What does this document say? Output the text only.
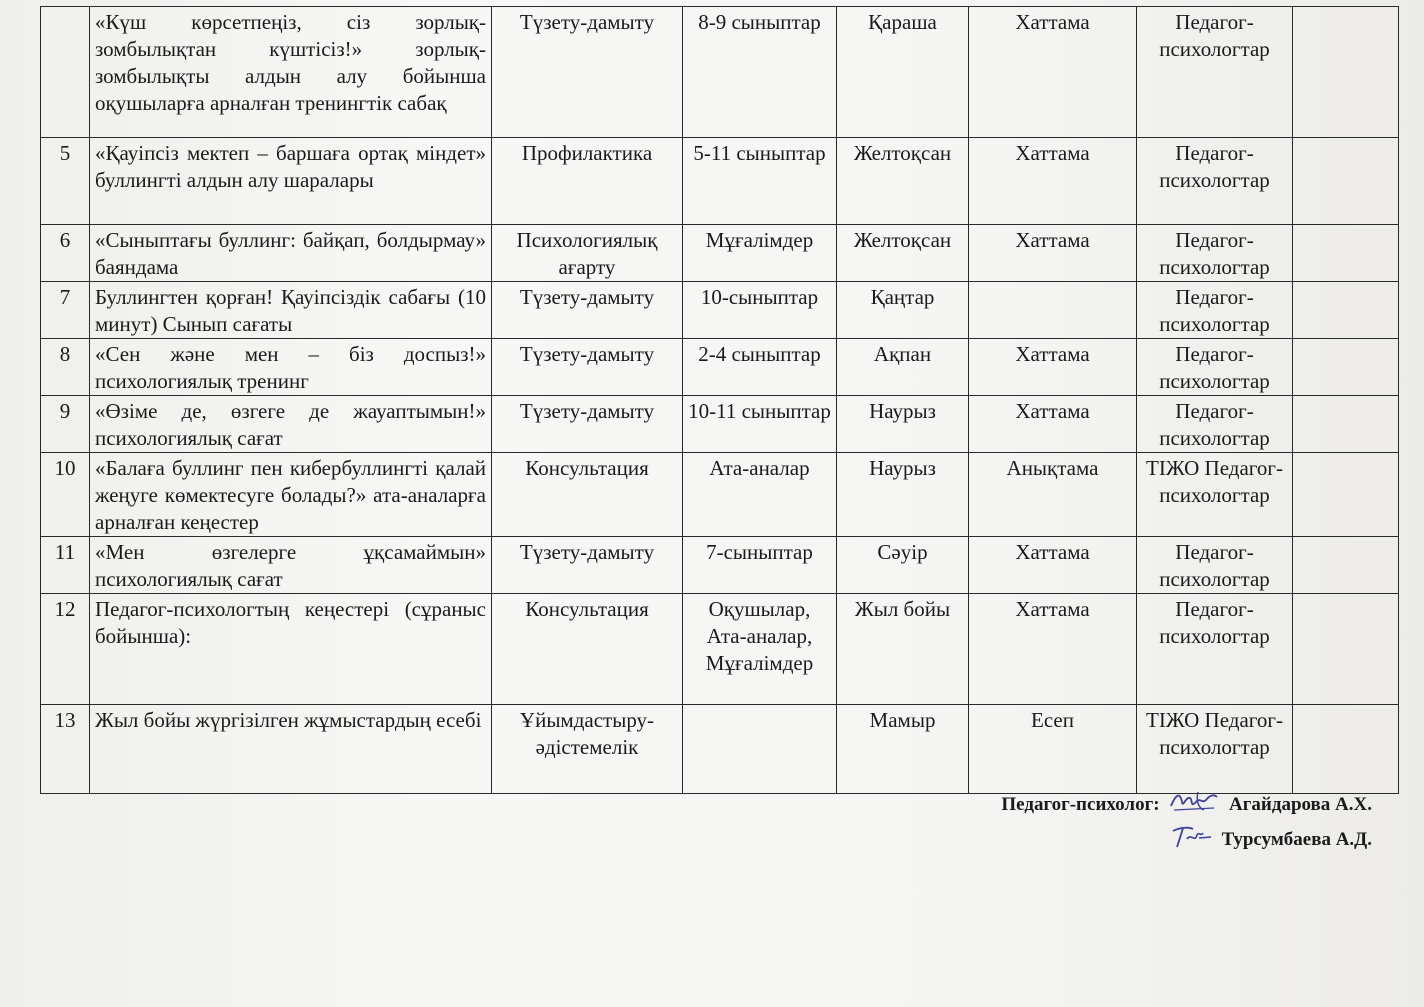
	«Күш көрсетпеңіз, сіз зорлық-зомбылықтан күштісіз!» зорлық-зомбылықты алдын алу бойынша оқушыларға арналған тренингтік сабақ	Түзету-дамыту	8-9 сыныптар	Қараша	Хаттама	Педагог-психологтар	
5	«Қауіпсіз мектеп – баршаға ортақ міндет» буллингті алдын алу шаралары	Профилактика	5-11 сыныптар	Желтоқсан	Хаттама	Педагог-психологтар	
6	«Сыныптағы буллинг: байқап, болдырмау» баяндама	Психологиялық ағарту	Мұғалімдер	Желтоқсан	Хаттама	Педагог-психологтар	
7	Буллингтен қорған! Қауіпсіздік сабағы (10 минут) Сынып сағаты	Түзету-дамыту	10-сыныптар	Қаңтар		Педагог-психологтар	
8	«Сен және мен – біз доспыз!» психологиялық тренинг	Түзету-дамыту	2-4 сыныптар	Ақпан	Хаттама	Педагог-психологтар	
9	«Өзіме де, өзгеге де жауаптымын!» психологиялық сағат	Түзету-дамыту	10-11 сыныптар	Наурыз	Хаттама	Педагог-психологтар	
10	«Балаға буллинг пен кибербуллингті қалай жеңуге көмектесуге болады?» ата-аналарға арналған кеңестер	Консультация	Ата-аналар	Наурыз	Анықтама	ТІЖО Педагог-психологтар	
11	«Мен өзгелерге ұқсамаймын» психологиялық сағат	Түзету-дамыту	7-сыныптар	Сәуір	Хаттама	Педагог-психологтар	
12	Педагог-психологтың кеңестері (сұраныс бойынша):	Консультация	Оқушылар, Ата-аналар, Мұғалімдер	Жыл бойы	Хаттама	Педагог-психологтар	
13	Жыл бойы жүргізілген жұмыстардың есебі	Ұйымдастыру-әдістемелік		Мамыр	Есеп	ТІЖО Педагог-психологтар	
Педагог-психолог:	Агайдарова А.Х.
Турсумбаева А.Д.
